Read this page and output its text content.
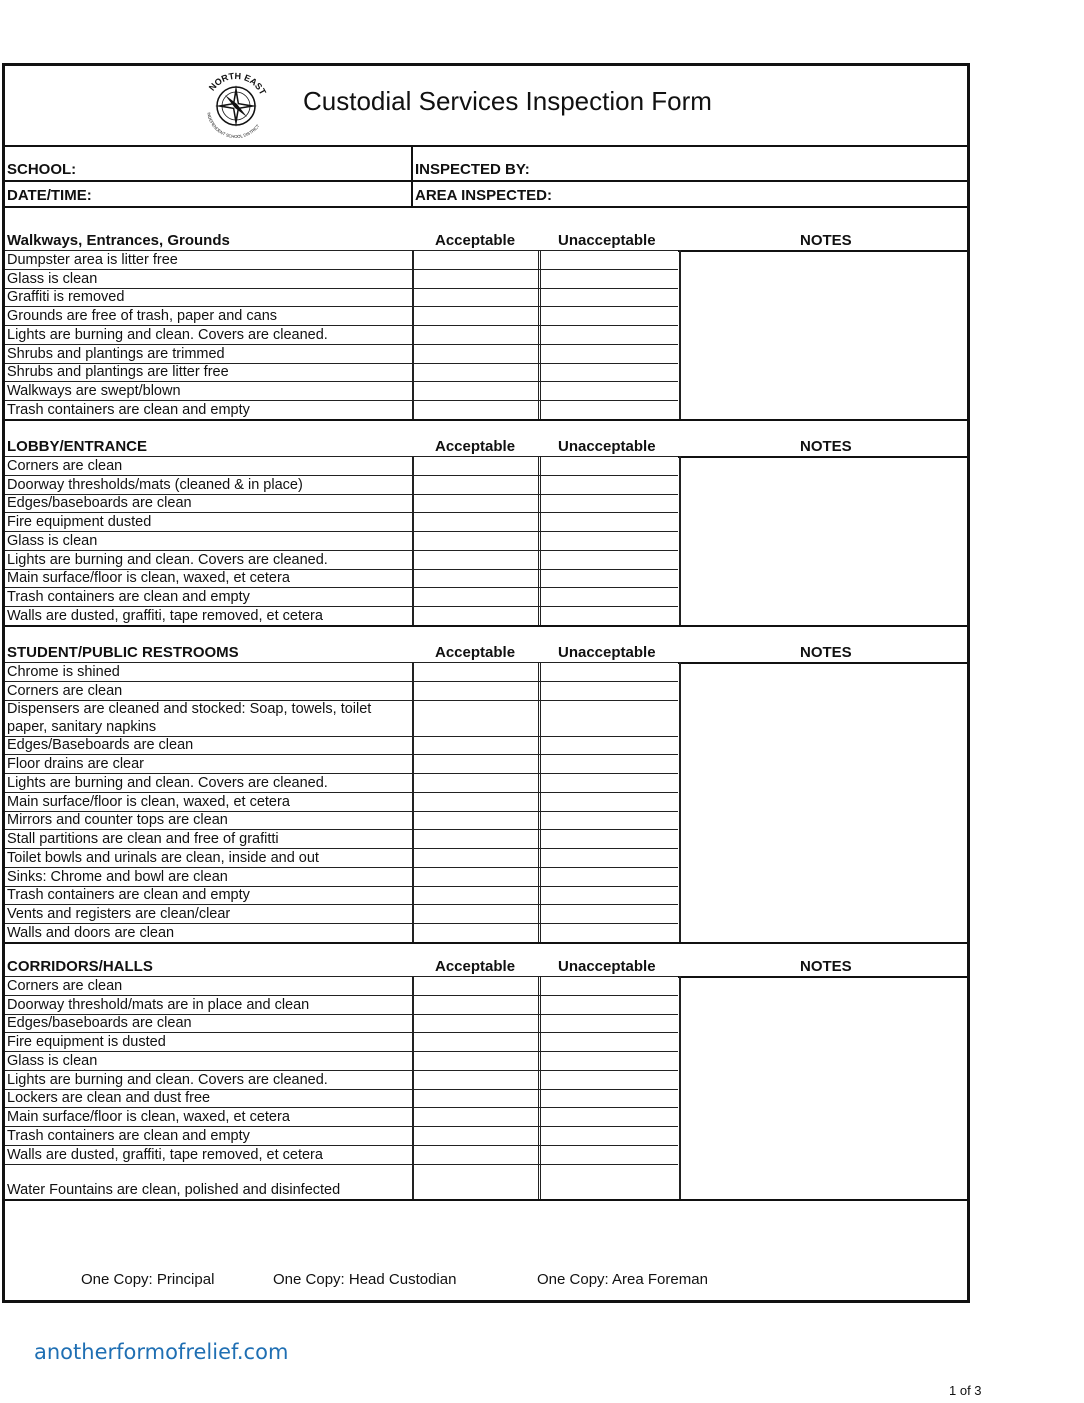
NORTH EAST
INDEPENDENT SCHOOL DISTRICT
Custodial Services Inspection Form
SCHOOL:	INSPECTED BY:
DATE/TIME:	AREA INSPECTED:
Walkways, Entrances, Grounds	Acceptable	Unacceptable	NOTES
Dumpster area is litter free
Glass is clean
Graffiti is removed
Grounds are free of trash, paper and cans
Lights are burning and clean. Covers are cleaned.
Shrubs and plantings are trimmed
Shrubs and plantings are litter free
Walkways are swept/blown
Trash containers are clean and empty
LOBBY/ENTRANCE	Acceptable	Unacceptable	NOTES
Corners are clean
Doorway thresholds/mats (cleaned & in place)
Edges/baseboards are clean
Fire equipment dusted
Glass is clean
Lights are burning and clean. Covers are cleaned.
Main surface/floor is clean, waxed, et cetera
Trash containers are clean and empty
Walls are dusted, graffiti, tape removed, et cetera
STUDENT/PUBLIC RESTROOMS	Acceptable	Unacceptable	NOTES
Chrome is shined
Corners are clean
Dispensers are cleaned and stocked: Soap, towels, toilet paper, sanitary napkins
Edges/Baseboards are clean
Floor drains are clear
Lights are burning and clean. Covers are cleaned.
Main surface/floor is clean, waxed, et cetera
Mirrors and counter tops are clean
Stall partitions are clean and free of grafitti
Toilet bowls and urinals are clean, inside and out
Sinks: Chrome and bowl are clean
Trash containers are clean and empty
Vents and registers are clean/clear
Walls and doors are clean
CORRIDORS/HALLS	Acceptable	Unacceptable	NOTES
Corners are clean
Doorway threshold/mats are in place and clean
Edges/baseboards are clean
Fire equipment is dusted
Glass is clean
Lights are burning and clean. Covers are cleaned.
Lockers are clean and dust free
Main surface/floor is clean, waxed, et cetera
Trash containers are clean and empty
Walls are dusted, graffiti, tape removed, et cetera
Water Fountains are clean, polished and disinfected
One Copy: Principal	One Copy: Head Custodian	One Copy: Area Foreman
anotherformofrelief.com
1 of 3
